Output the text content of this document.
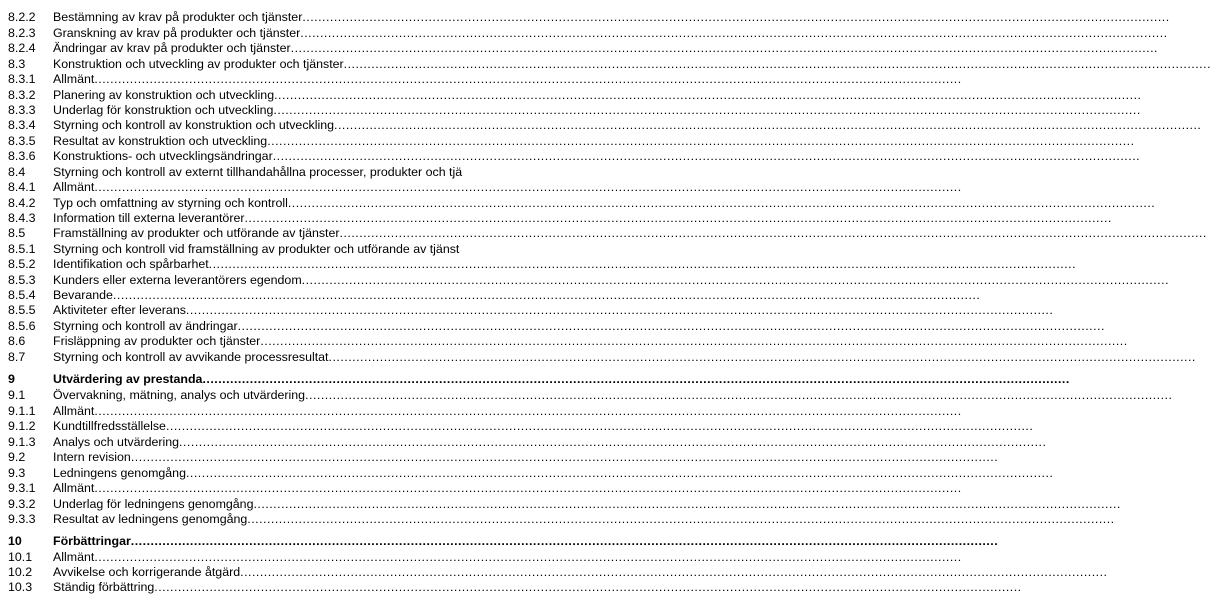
8.2.2 Bestämning av krav på produkter och tjänster ............................................................................................................................................................................................................................
8.2.3 Granskning av krav på produkter och tjänster ............................................................................................................................................................................................................................
8.2.4 Ändringar av krav på produkter och tjänster ............................................................................................................................................................................................................................
8.3 Konstruktion och utveckling av produkter och tjänster ............................................................................................................................................................................................................................
8.3.1 Allmänt ............................................................................................................................................................................................................................
8.3.2 Planering av konstruktion och utveckling ............................................................................................................................................................................................................................
8.3.3 Underlag för konstruktion och utveckling ............................................................................................................................................................................................................................
8.3.4 Styrning och kontroll av konstruktion och utveckling ............................................................................................................................................................................................................................
8.3.5 Resultat av konstruktion och utveckling ............................................................................................................................................................................................................................
8.3.6 Konstruktions- och utvecklingsändringar ............................................................................................................................................................................................................................
8.4 Styrning och kontroll av externt tillhandahållna processer, produkter och tjä
8.4.1 Allmänt ............................................................................................................................................................................................................................
8.4.2 Typ och omfattning av styrning och kontroll ............................................................................................................................................................................................................................
8.4.3 Information till externa leverantörer ............................................................................................................................................................................................................................
8.5 Framställning av produkter och utförande av tjänster ............................................................................................................................................................................................................................
8.5.1 Styrning och kontroll vid framställning av produkter och utförande av tjänst
8.5.2 Identifikation och spårbarhet ............................................................................................................................................................................................................................
8.5.3 Kunders eller externa leverantörers egendom ............................................................................................................................................................................................................................
8.5.4 Bevarande ............................................................................................................................................................................................................................
8.5.5 Aktiviteter efter leverans ............................................................................................................................................................................................................................
8.5.6 Styrning och kontroll av ändringar ............................................................................................................................................................................................................................
8.6 Frisläppning av produkter och tjänster ............................................................................................................................................................................................................................
8.7 Styrning och kontroll av avvikande processresultat ............................................................................................................................................................................................................................
9	Utvärdering av prestanda ............................................................................................................................................................................................................................
9.1 Övervakning, mätning, analys och utvärdering ............................................................................................................................................................................................................................
9.1.1 Allmänt ............................................................................................................................................................................................................................
9.1.2 Kundtillfredsställelse ............................................................................................................................................................................................................................
9.1.3 Analys och utvärdering ............................................................................................................................................................................................................................
9.2 Intern revision ............................................................................................................................................................................................................................
9.3 Ledningens genomgång ............................................................................................................................................................................................................................
9.3.1 Allmänt ............................................................................................................................................................................................................................
9.3.2 Underlag för ledningens genomgång ............................................................................................................................................................................................................................
9.3.3 Resultat av ledningens genomgång ............................................................................................................................................................................................................................
10	Förbättringar ............................................................................................................................................................................................................................
10.1 Allmänt ............................................................................................................................................................................................................................
10.2 Avvikelse och korrigerande åtgärd ............................................................................................................................................................................................................................
10.3 Ständig förbättring ............................................................................................................................................................................................................................
